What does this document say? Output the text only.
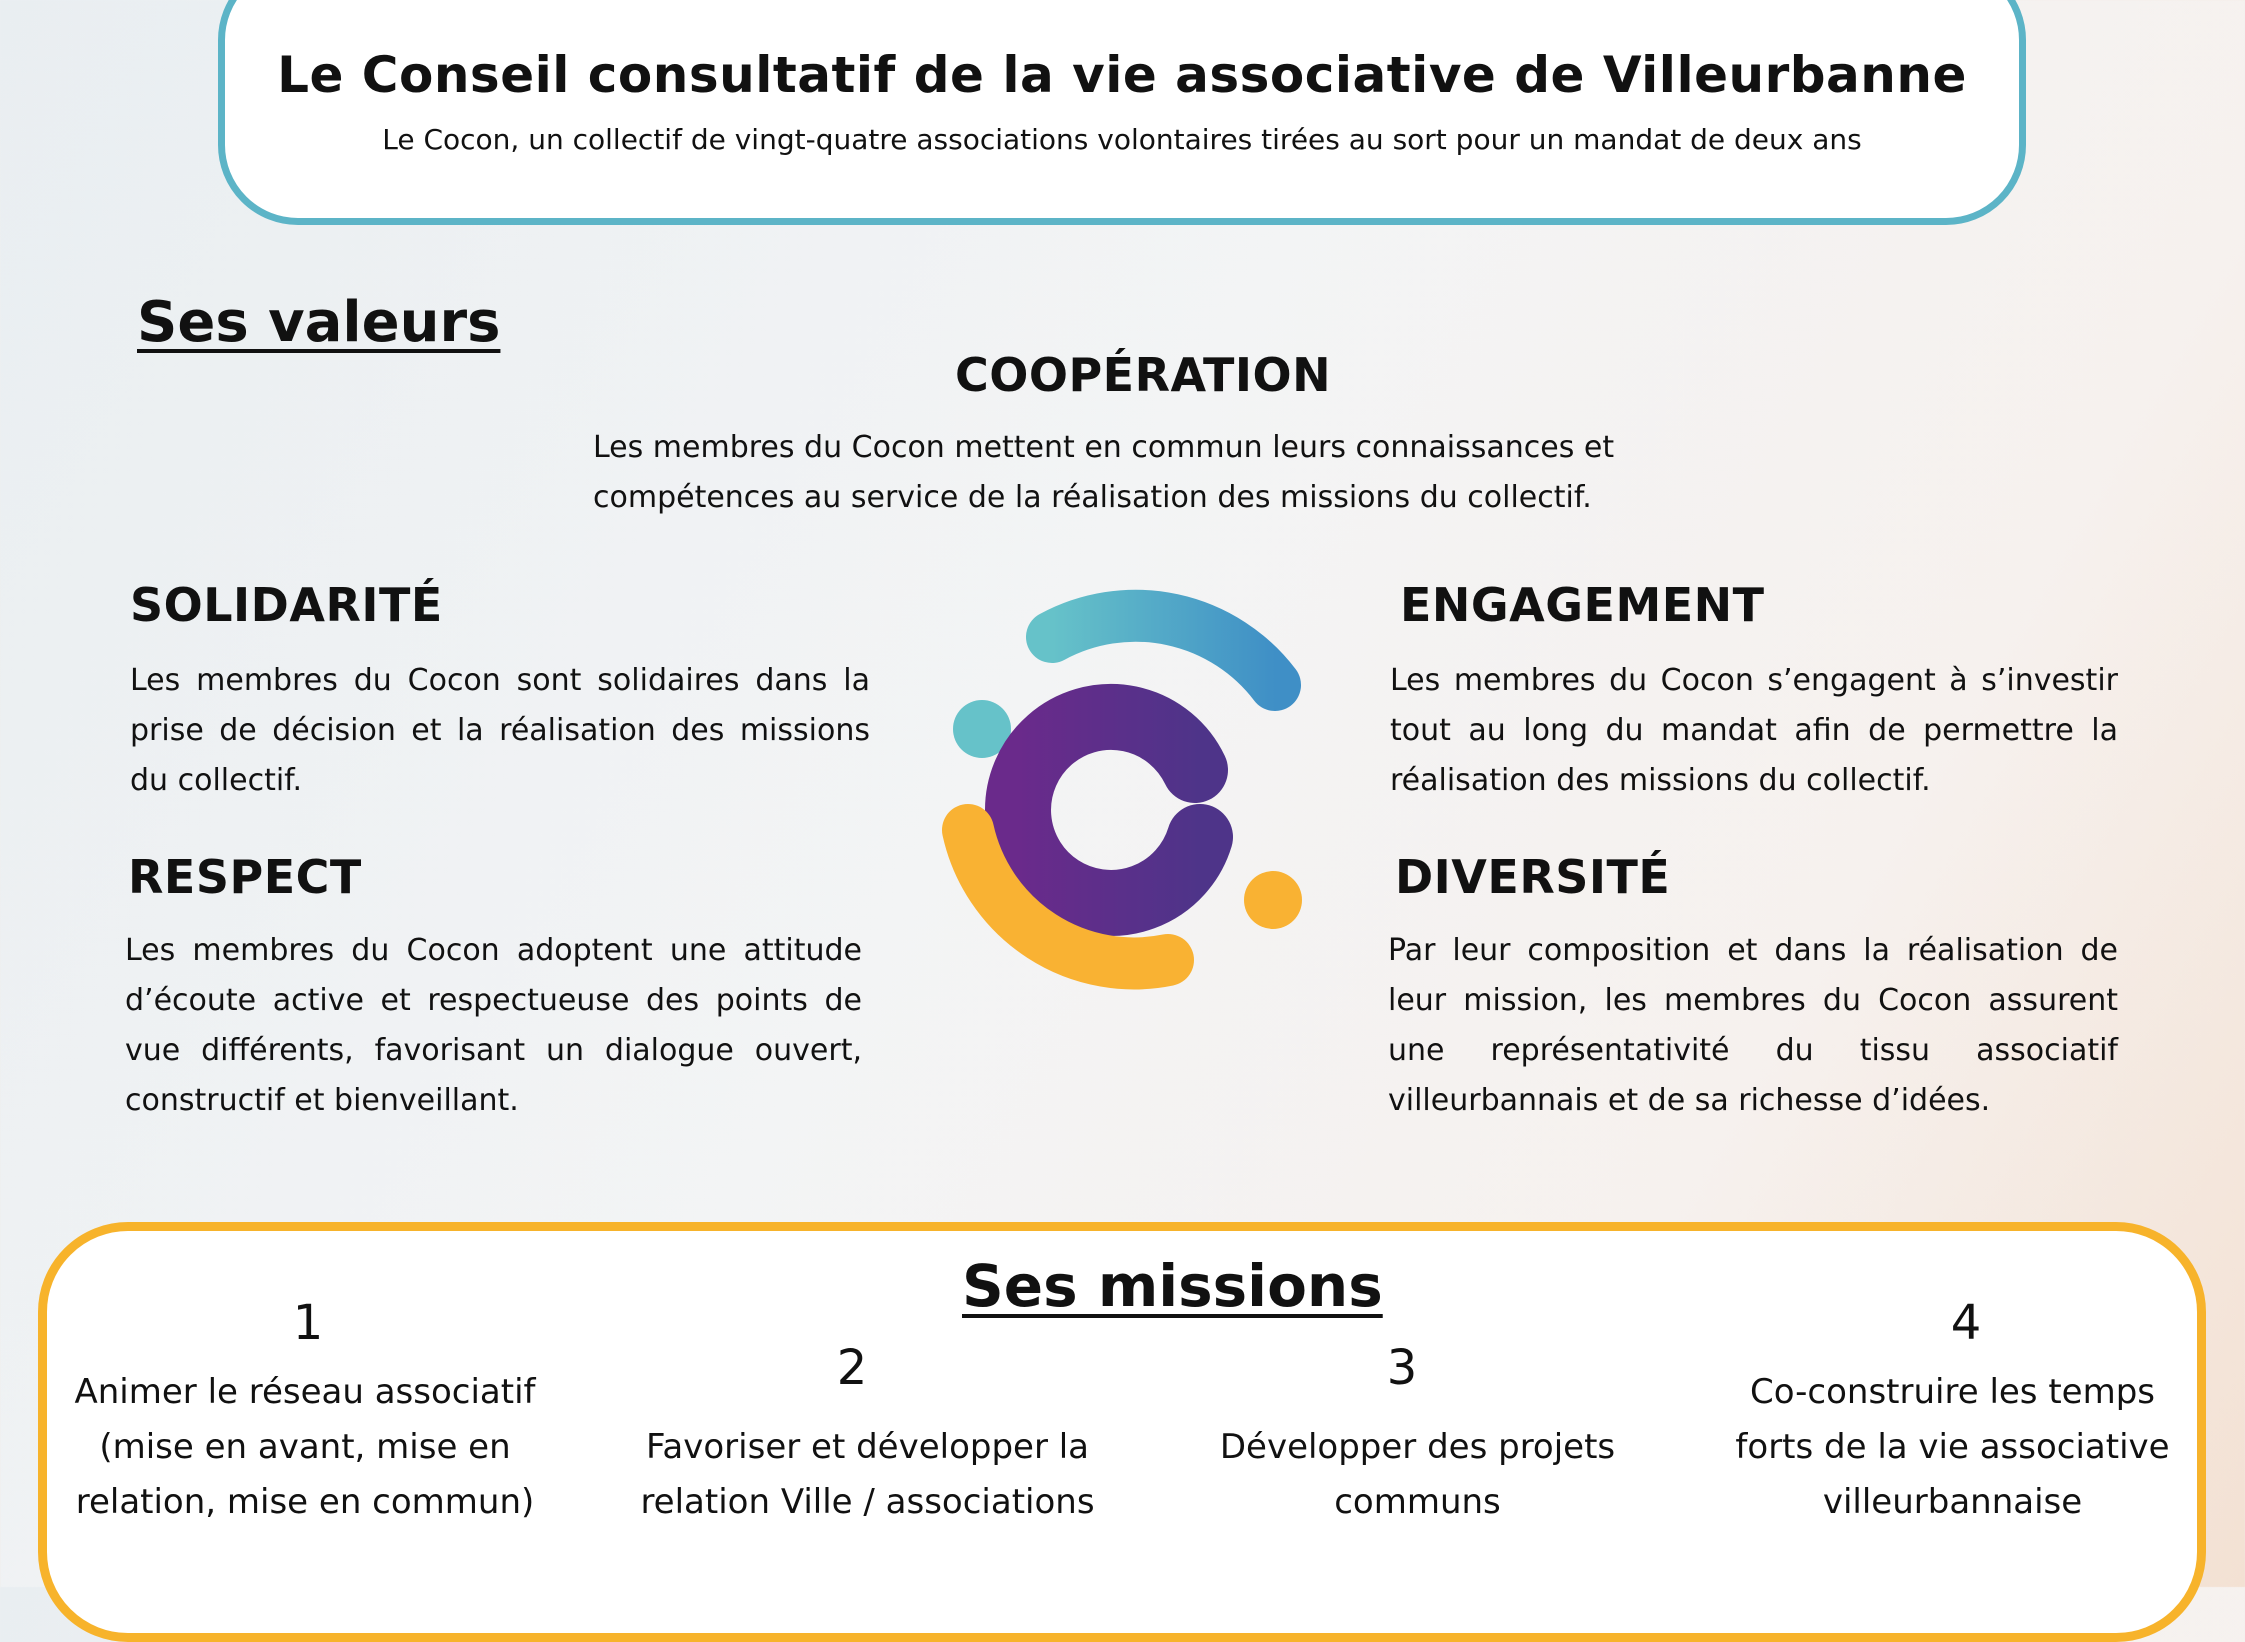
Le Conseil consultatif de la vie associative de Villeurbanne
Le Cocon, un collectif de vingt-quatre associations volontaires tirées au sort pour un mandat de deux ans
Ses valeurs
COOPÉRATION
Les membres du Cocon mettent en commun leurs connaissances et compétences au service de la réalisation des missions du collectif.
SOLIDARITÉ
Les membres du Cocon sont solidaires dans la prise de décision et la réalisation des missions du collectif.
RESPECT
Les membres du Cocon adoptent une attitude d’écoute active et respectueuse des points de vue différents, favorisant un dialogue ouvert, constructif et bienveillant.
ENGAGEMENT
Les membres du Cocon s’engagent à s’investir tout au long du mandat afin de permettre la réalisation des missions du collectif.
DIVERSITÉ
Par leur composition et dans la réalisation de leur mission, les membres du Cocon assurent une représentativité du tissu associatif villeurbannais et de sa richesse d’idées.
Ses missions
1
Animer le réseau associatif (mise en avant, mise en relation, mise en commun)
2
Favoriser et développer la relation Ville / associations
3
Développer des projets communs
4
Co-construire les temps forts de la vie associative villeurbannaise
